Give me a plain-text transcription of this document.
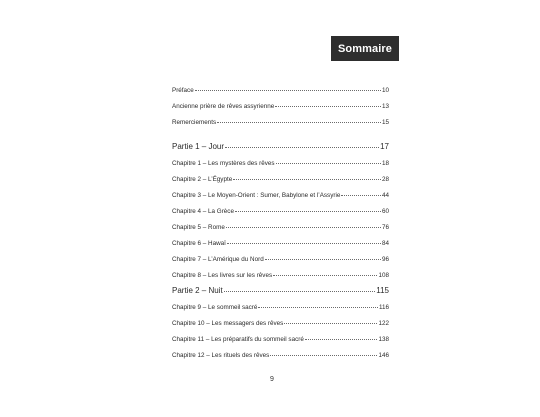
Sommaire
Préface	10
Ancienne prière de rêves assyrienne	13
Remerciements	15
Partie 1 – Jour	17
Chapitre 1 – Les mystères des rêves	18
Chapitre 2 – L’Égypte	28
Chapitre 3 – Le Moyen-Orient : Sumer, Babylone et l’Assyrie	44
Chapitre 4 – La Grèce	60
Chapitre 5 – Rome	76
Chapitre 6 – Hawaï	84
Chapitre 7 – L’Amérique du Nord	96
Chapitre 8 – Les livres sur les rêves	108
Partie 2 – Nuit	115
Chapitre 9 – Le sommeil sacré	116
Chapitre 10 – Les messagers des rêves	122
Chapitre 11 – Les préparatifs du sommeil sacré	138
Chapitre 12 – Les rituels des rêves	146
9
